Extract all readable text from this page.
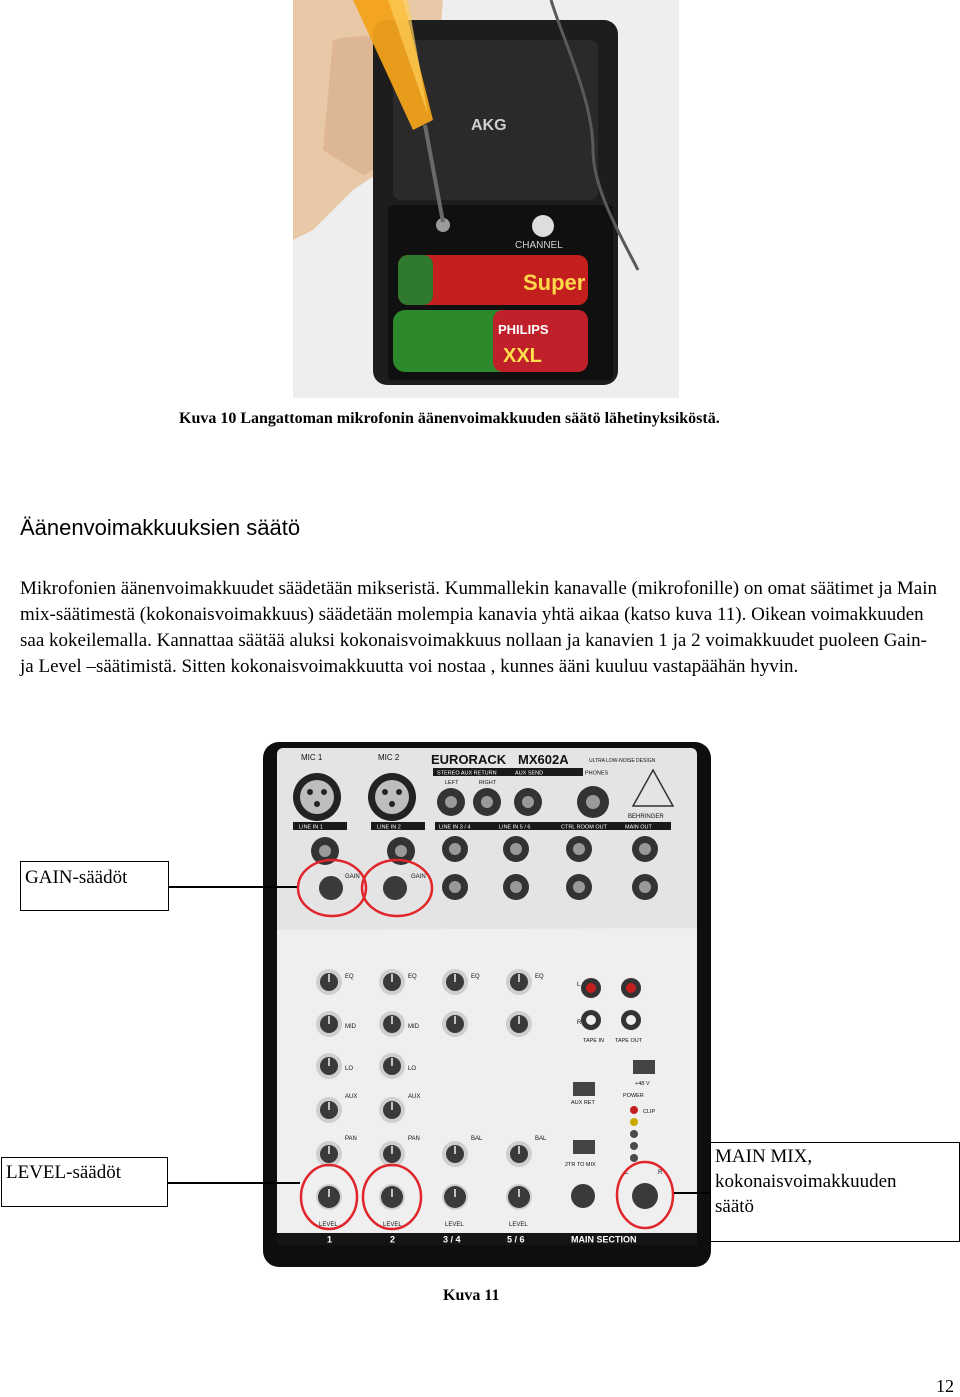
AKG
CHANNEL
Super
PHILIPS
XXL
Kuva 10 Langattoman mikrofonin äänenvoimakkuuden säätö lähetinyksiköstä.
Äänenvoimakkuuksien säätö
Mikrofonien äänenvoimakkuudet säädetään mikseristä. Kummallekin kanavalle (mikrofonille) on omat säätimet ja Main mix-säätimestä (kokonaisvoimakkuus) säädetään molempia kanavia yhtä aikaa (katso kuva 11). Oikean voimakkuuden saa kokeilemalla. Kannattaa säätää aluksi kokonaisvoimakkuus nollaan ja kanavien 1 ja 2 voimakkuudet puoleen Gain- ja Level –säätimistä. Sitten kokonaisvoimakkuutta voi nostaa , kunnes ääni kuuluu vastapäähän hyvin.
MIC 1	MIC 2 EURORACK MX602A	ULTRA LOW-NOISE DESIGN
STEREO AUX RETURN	AUX SEND	PHONES
LEFT	RIGHT
BEHRINGER
LINE IN 1	LINE IN 2	LINE IN 3 / 4	LINE IN 5 / 6	CTRL ROOM OUT	MAIN OUT
GAIN	GAIN
EQ	EQ	EQ	EQ
MID	MID
LO	LO
AUX	AUX
PAN	PAN	BAL	BAL
LEVEL	LEVEL	LEVEL	LEVEL
L
R
TAPE IN TAPE OUT
+48 V
POWER
AUX RET
CLIP
2TR TO MIX
L	R
1	2	3 / 4	5 / 6	MAIN SECTION
GAIN-säädöt
LEVEL-säädöt
MAIN MIX,
kokonaisvoimakkuuden
säätö
Kuva 11
12
